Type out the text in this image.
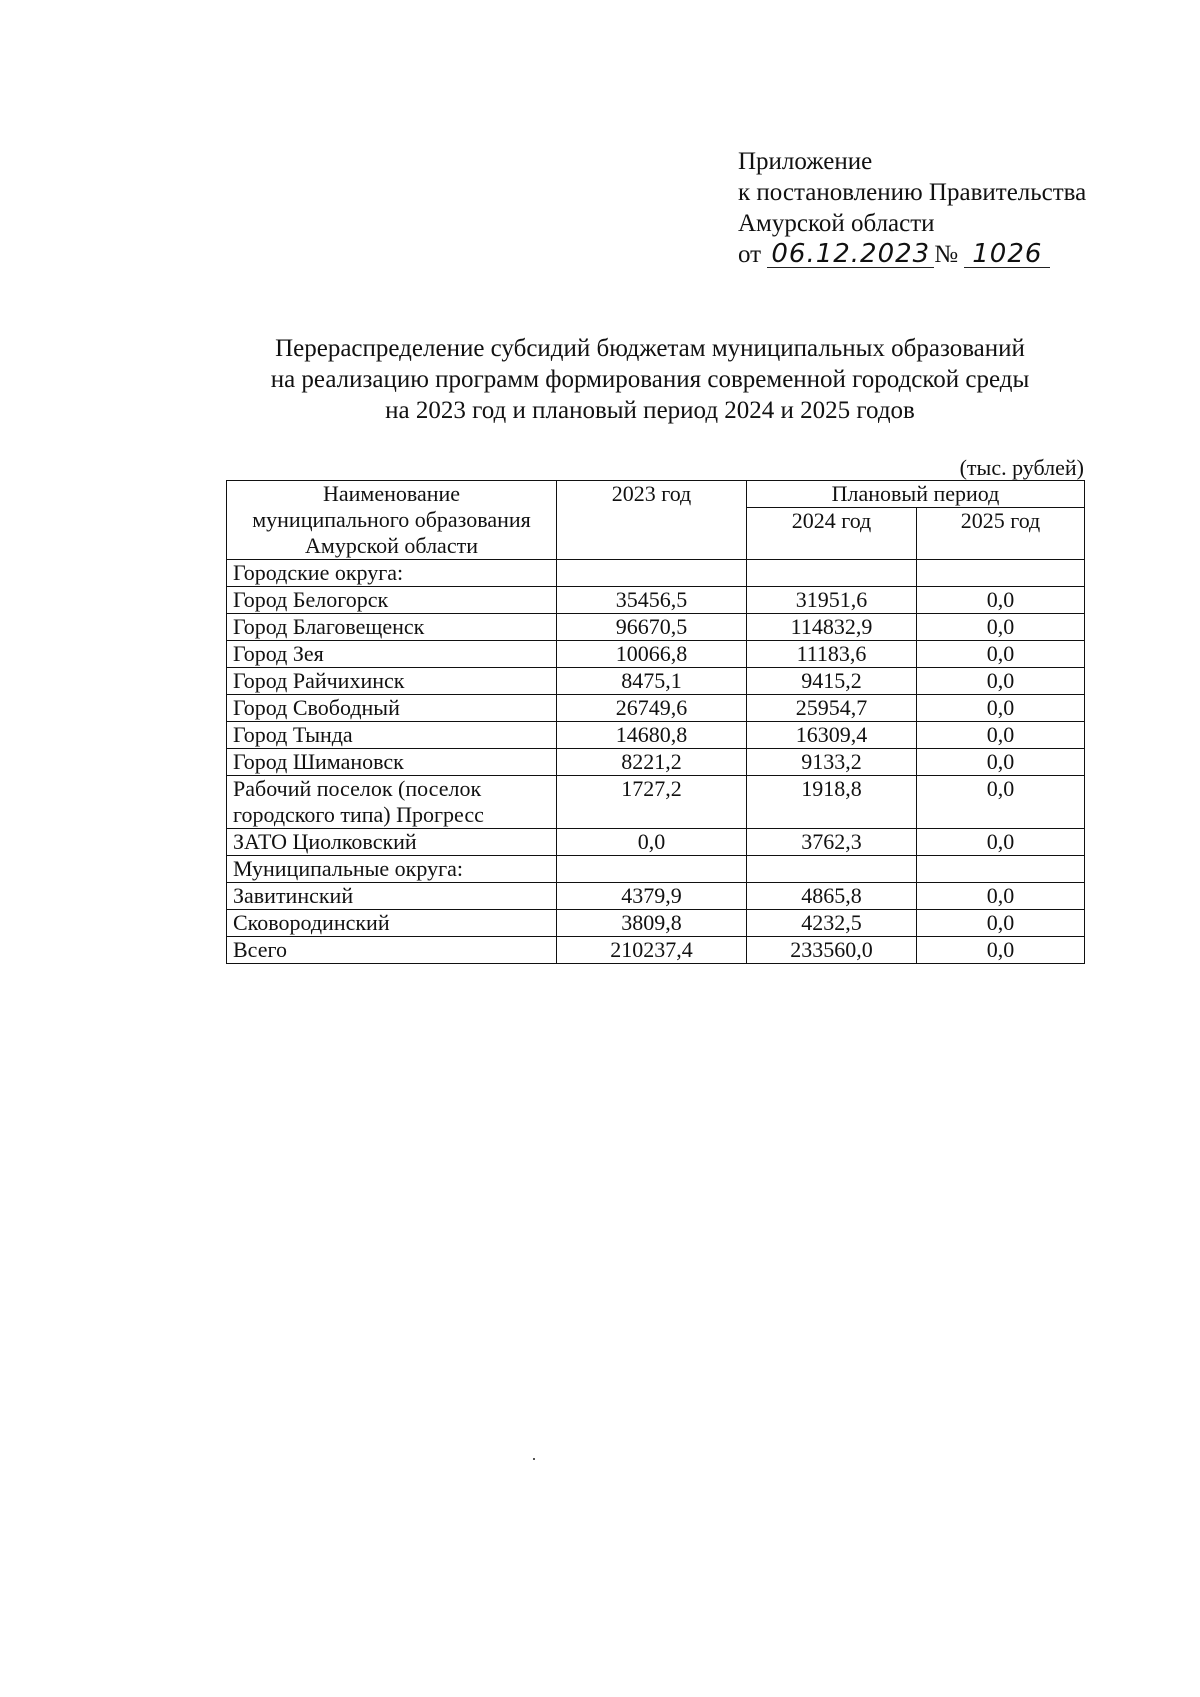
Приложение
к постановлению Правительства
Амурской области
от 06.12.2023 № 1026
Перераспределение субсидий бюджетам муниципальных образований
на реализацию программ формирования современной городской среды
на 2023 год и плановый период 2024 и 2025 годов
(тыс. рублей)
Наименование
муниципального образования
Амурской области	2023 год	Плановый период	
		2024 год	2025 год
Городские округа:			
Город Белогорск	35456,5	31951,6	0,0
Город Благовещенск	96670,5	114832,9	0,0
Город Зея	10066,8	11183,6	0,0
Город Райчихинск	8475,1	9415,2	0,0
Город Свободный	26749,6	25954,7	0,0
Город Тында	14680,8	16309,4	0,0
Город Шимановск	8221,2	9133,2	0,0

Рабочий поселок (поселок
городского типа) Прогресс	1727,2	1918,8	0,0
ЗАТО Циолковский	0,0	3762,3	0,0
Муниципальные округа:			
Завитинский	4379,9	4865,8	0,0
Сковородинский	3809,8	4232,5	0,0
Всего	210237,4	233560,0	0,0
